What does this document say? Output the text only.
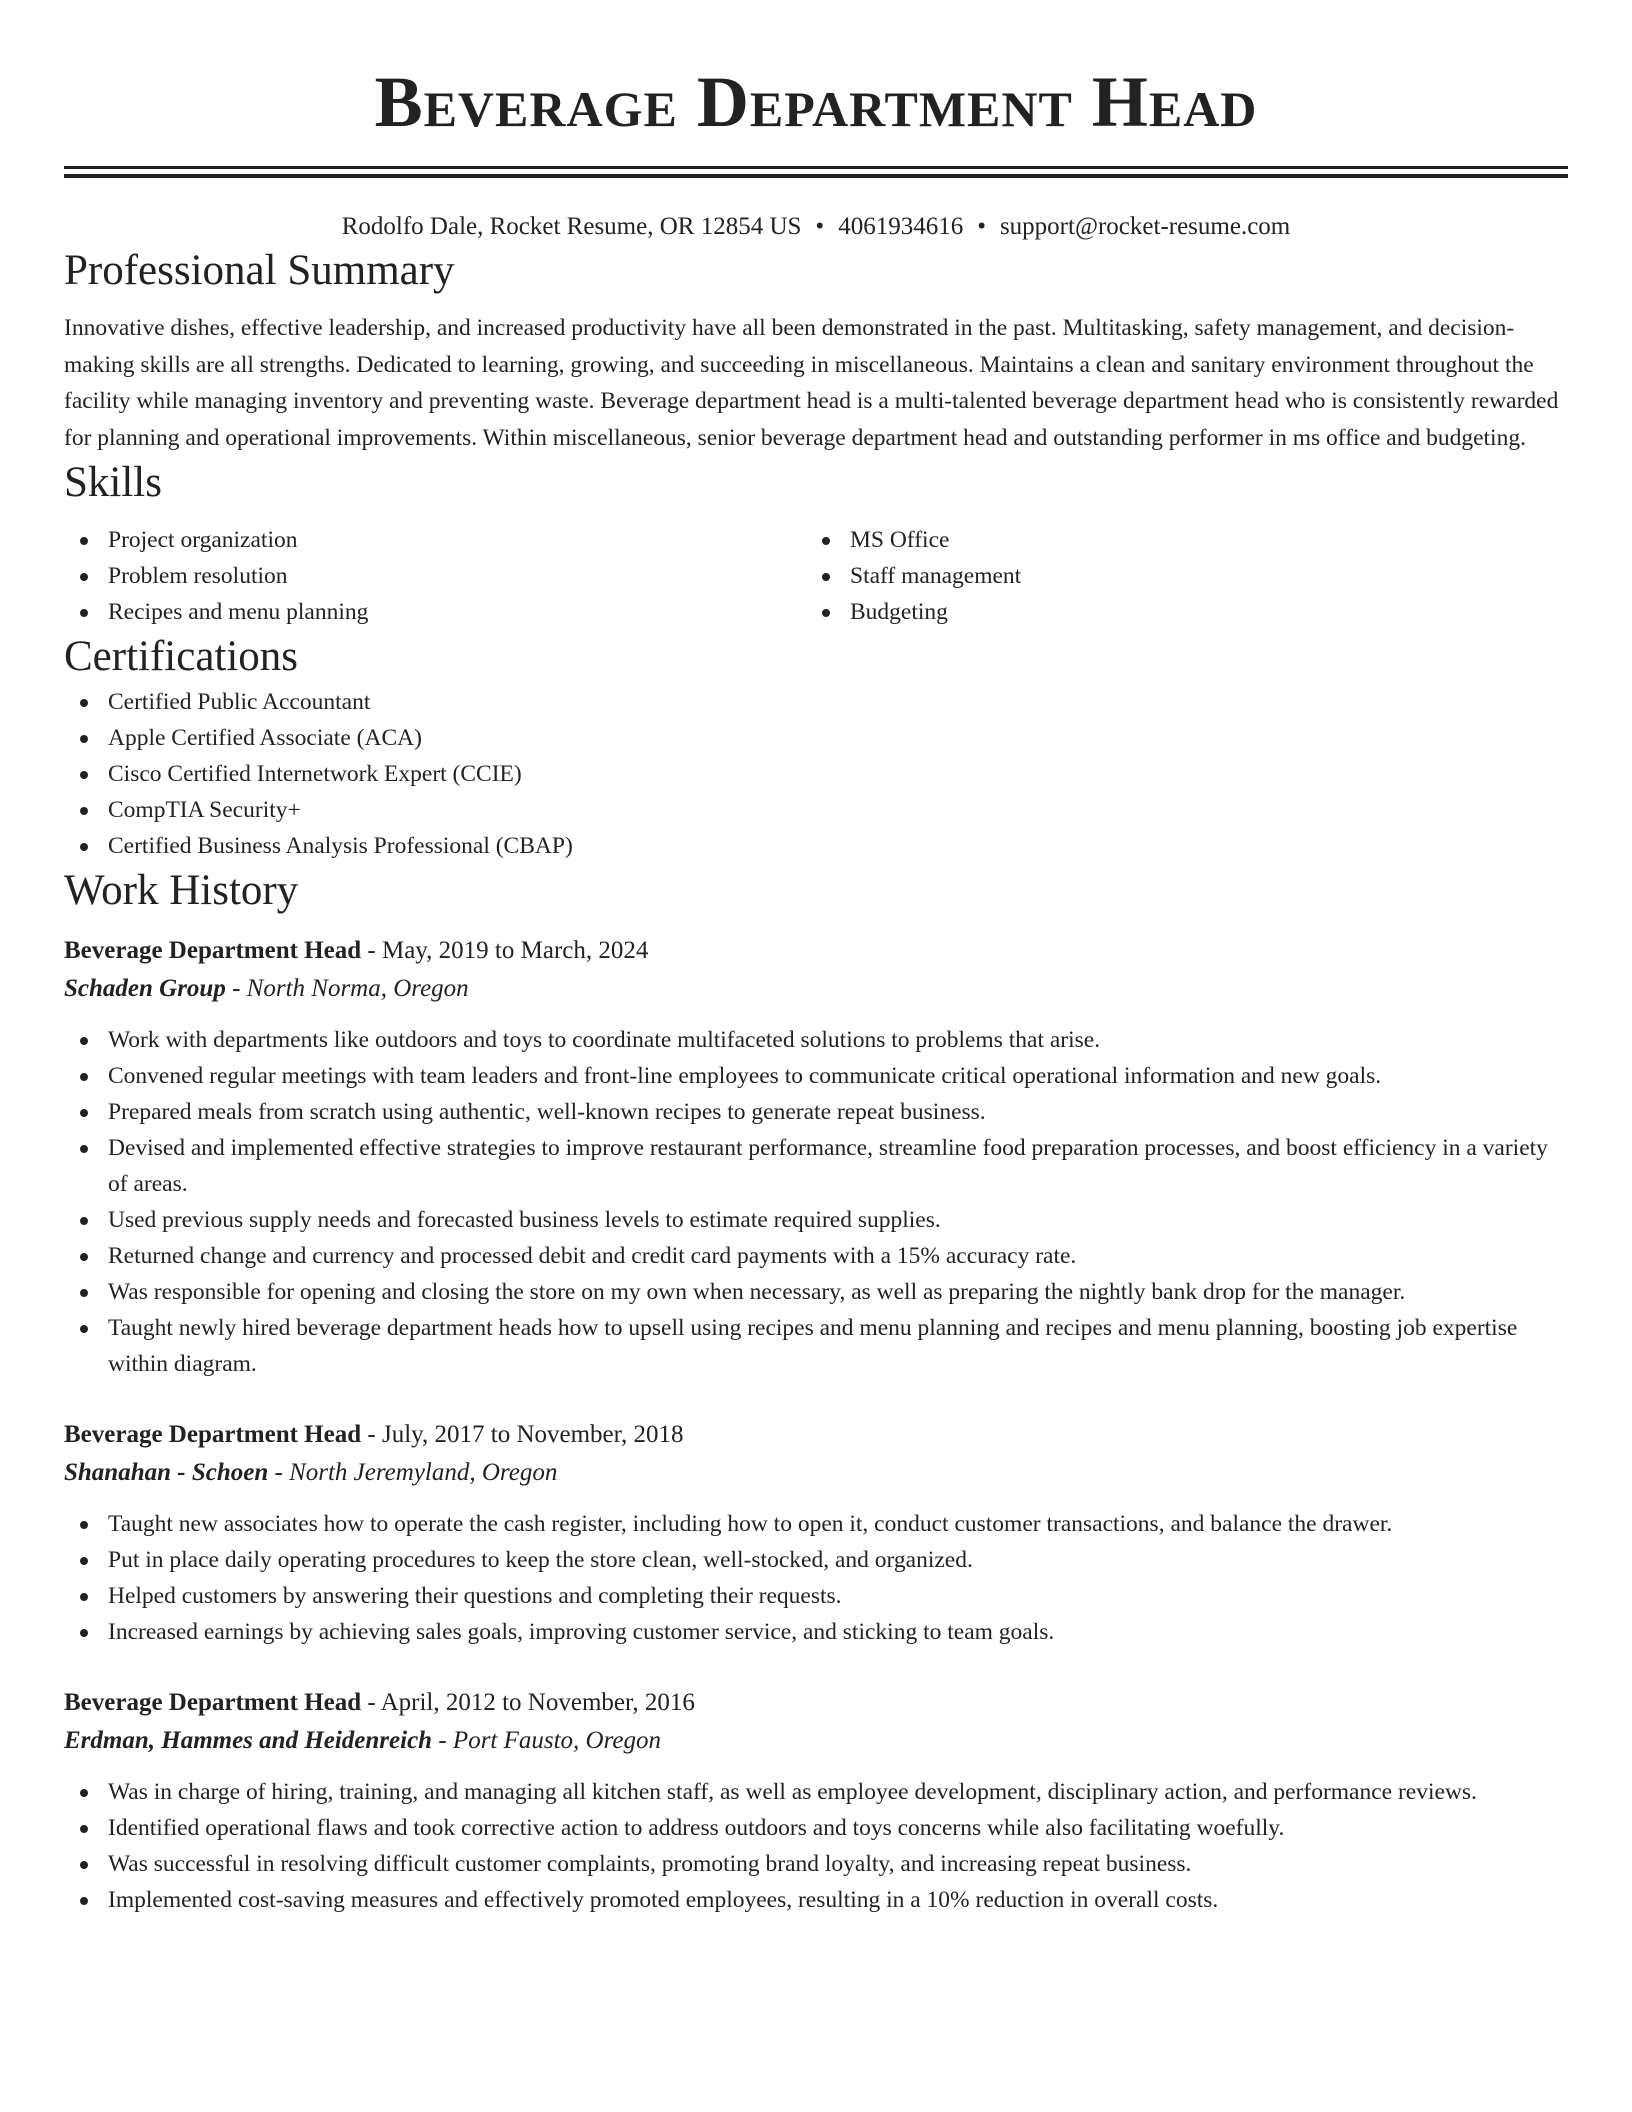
Beverage Department Head
Rodolfo Dale, Rocket Resume, OR 12854 US • 4061934616 • support@rocket-resume.com
Professional Summary

Innovative dishes, effective leadership, and increased productivity have all been demonstrated in the past. Multitasking, safety management, and decision-making skills are all strengths. Dedicated to learning, growing, and succeeding in miscellaneous. Maintains a clean and sanitary environment throughout the facility while managing inventory and preventing waste. Beverage department head is a multi-talented beverage department head who is consistently rewarded for planning and operational improvements. Within miscellaneous, senior beverage department head and outstanding performer in ms office and budgeting.

Skills
Project organization
Problem resolution
Recipes and menu planning
MS Office
Staff management
Budgeting
Certifications
Certified Public Accountant
Apple Certified Associate (ACA)
Cisco Certified Internetwork Expert (CCIE)
CompTIA Security+
Certified Business Analysis Professional (CBAP)
Work History
Beverage Department Head - May, 2019 to March, 2024
Schaden Group - North Norma, Oregon
Work with departments like outdoors and toys to coordinate multifaceted solutions to problems that arise.
Convened regular meetings with team leaders and front-line employees to communicate critical operational information and new goals.
Prepared meals from scratch using authentic, well-known recipes to generate repeat business.
Devised and implemented effective strategies to improve restaurant performance, streamline food preparation processes, and boost efficiency in a variety of areas.
Used previous supply needs and forecasted business levels to estimate required supplies.
Returned change and currency and processed debit and credit card payments with a 15% accuracy rate.
Was responsible for opening and closing the store on my own when necessary, as well as preparing the nightly bank drop for the manager.
Taught newly hired beverage department heads how to upsell using recipes and menu planning and recipes and menu planning, boosting job expertise within diagram.
Beverage Department Head - July, 2017 to November, 2018
Shanahan - Schoen - North Jeremyland, Oregon
Taught new associates how to operate the cash register, including how to open it, conduct customer transactions, and balance the drawer.
Put in place daily operating procedures to keep the store clean, well-stocked, and organized.
Helped customers by answering their questions and completing their requests.
Increased earnings by achieving sales goals, improving customer service, and sticking to team goals.
Beverage Department Head - April, 2012 to November, 2016
Erdman, Hammes and Heidenreich - Port Fausto, Oregon
Was in charge of hiring, training, and managing all kitchen staff, as well as employee development, disciplinary action, and performance reviews.
Identified operational flaws and took corrective action to address outdoors and toys concerns while also facilitating woefully.
Was successful in resolving difficult customer complaints, promoting brand loyalty, and increasing repeat business.
Implemented cost-saving measures and effectively promoted employees, resulting in a 10% reduction in overall costs.
